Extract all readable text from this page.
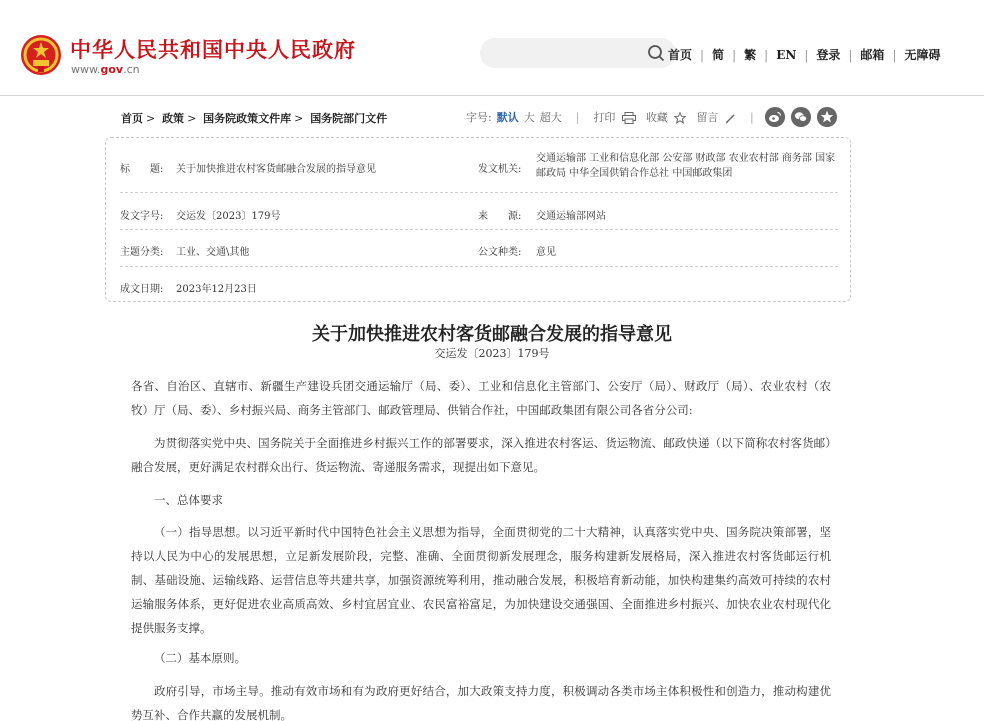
中华人民共和国中央人民政府
www.gov.cn
首页 | 简 | 繁 | EN | 登录 | 邮箱 | 无障碍
首页 > 政策 > 国务院政策文件库 > 国务院部门文件	字号: 默认 大 超大 | 打印	收藏	留言	|
标　　题: 关于加快推进农村客货邮融合发展的指导意见	发文机关:
交通运输部 工业和信息化部 公安部 财政部 农业农村部 商务部 国家邮政局 中华全国供销合作总社 中国邮政集团
发文字号: 交运发〔2023〕179号	来　　源: 交通运输部网站
主题分类: 工业、交通\其他	公文种类: 意见
成文日期: 2023年12月23日
关于加快推进农村客货邮融合发展的指导意见
交运发〔2023〕179号
各省、自治区、直辖市、新疆生产建设兵团交通运输厅（局、委）、工业和信息化主管部门、公安厅（局）、财政厅（局）、农业农村（农牧）厅（局、委）、乡村振兴局、商务主管部门、邮政管理局、供销合作社，中国邮政集团有限公司各省分公司:
为贯彻落实党中央、国务院关于全面推进乡村振兴工作的部署要求，深入推进农村客运、货运物流、邮政快递（以下简称农村客货邮）融合发展，更好满足农村群众出行、货运物流、寄递服务需求，现提出如下意见。
一、总体要求
（一）指导思想。以习近平新时代中国特色社会主义思想为指导，全面贯彻党的二十大精神，认真落实党中央、国务院决策部署，坚持以人民为中心的发展思想，立足新发展阶段，完整、准确、全面贯彻新发展理念，服务构建新发展格局，深入推进农村客货邮运行机制、基础设施、运输线路、运营信息等共建共享，加强资源统筹利用，推动融合发展，积极培育新动能，加快构建集约高效可持续的农村运输服务体系，更好促进农业高质高效、乡村宜居宜业、农民富裕富足，为加快建设交通强国、全面推进乡村振兴、加快农业农村现代化提供服务支撑。
（二）基本原则。
政府引导，市场主导。推动有效市场和有为政府更好结合，加大政策支持力度，积极调动各类市场主体积极性和创造力，推动构建优势互补、合作共赢的发展机制。
